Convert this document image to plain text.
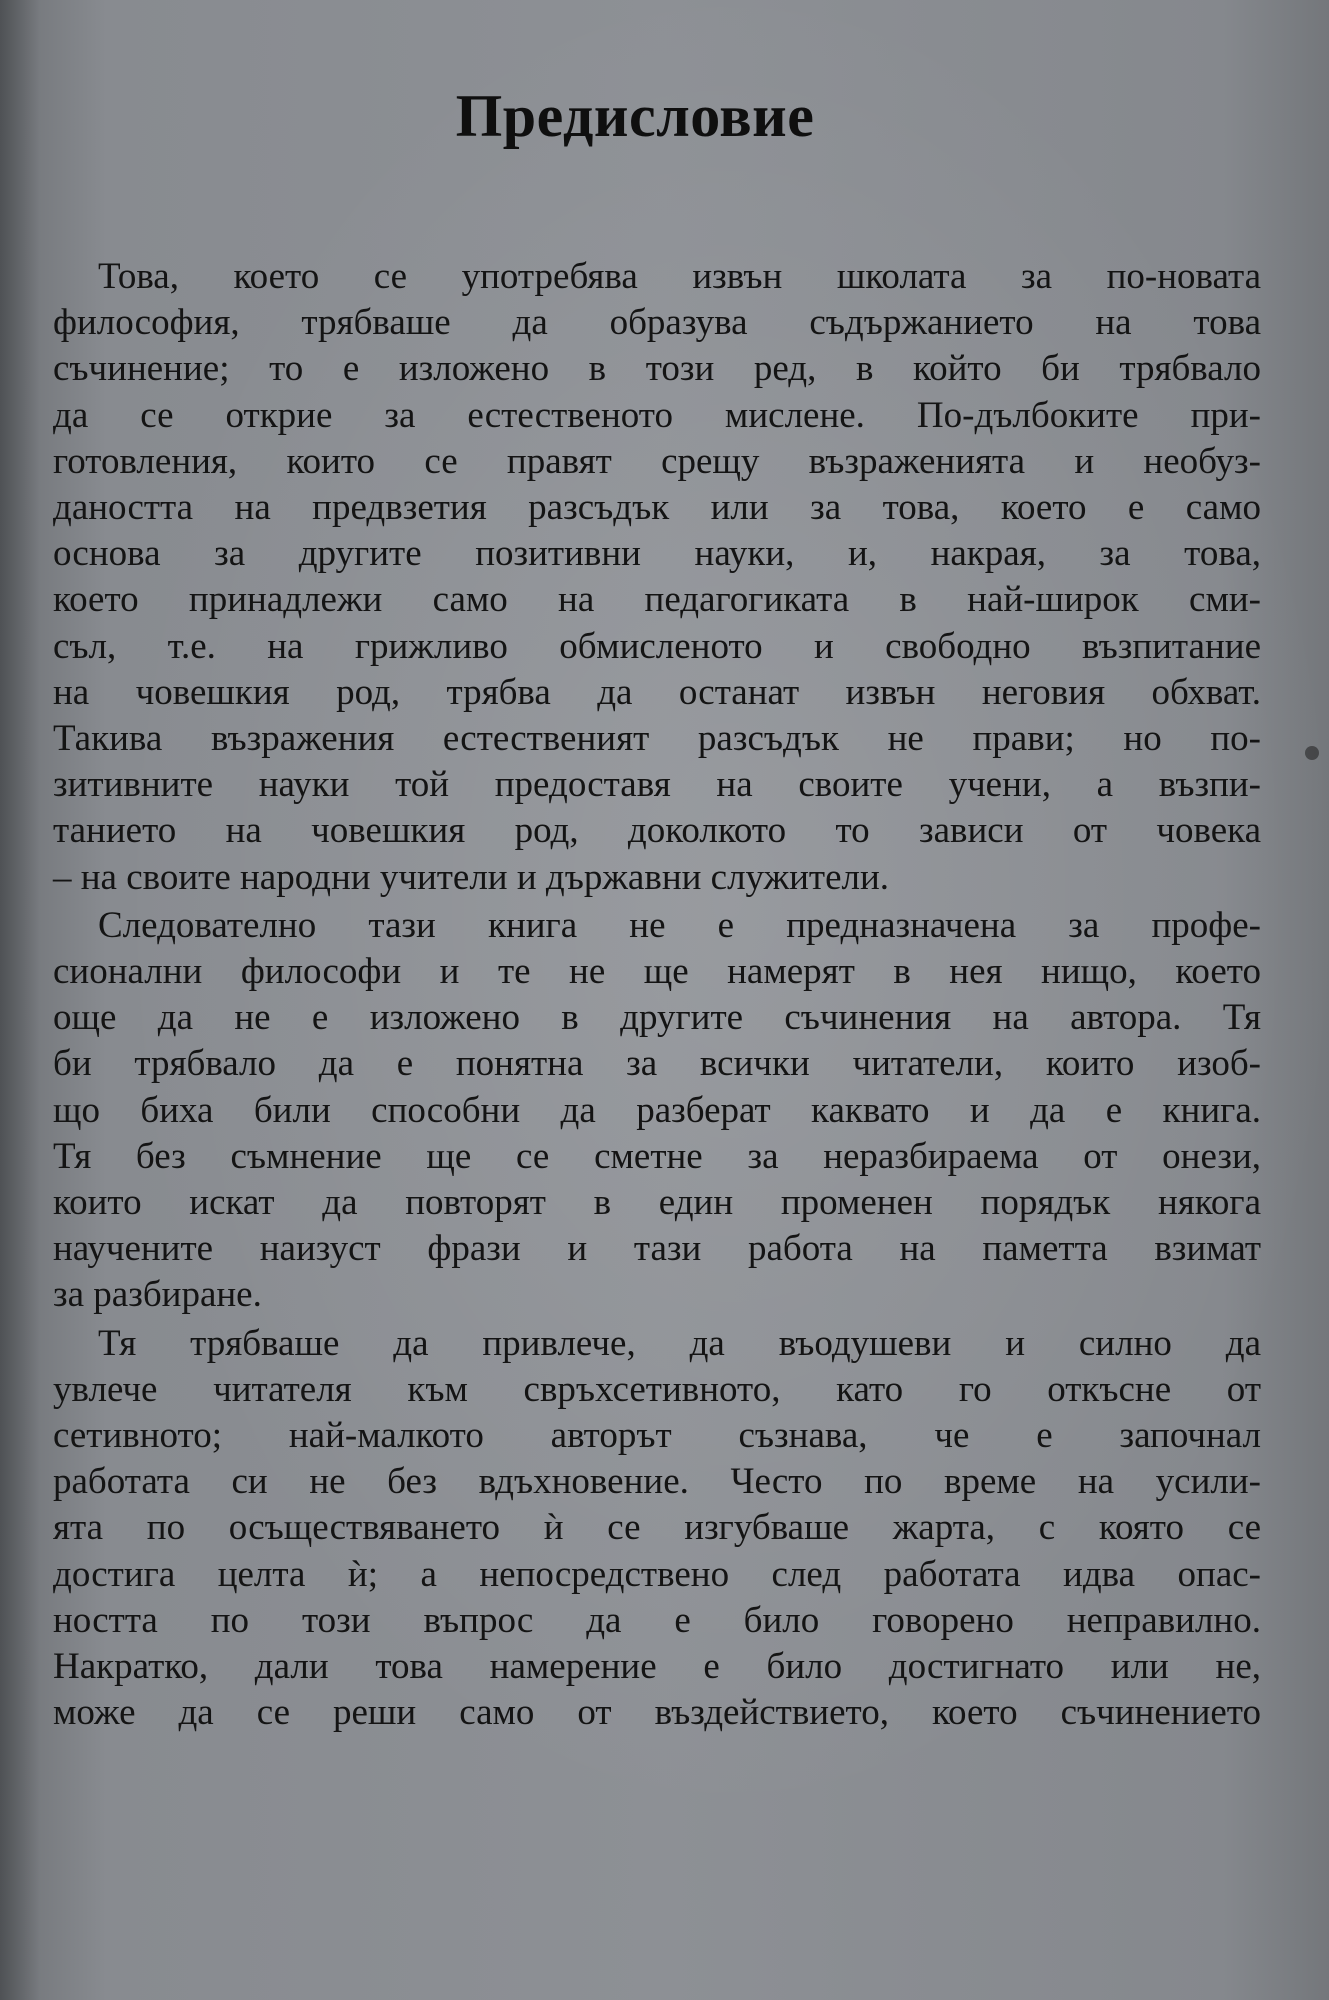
Предисловие

Това, което се употребява извън школата за по-новата
философия, трябваше да образува съдържанието на това
съчинение; то е изложено в този ред, в който би трябвало
да се открие за естественото мислене. По-дълбоките при-
готовления, които се правят срещу възраженията и необуз-
даността на предвзетия разсъдък или за това, което е само
основа за другите позитивни науки, и, накрая, за това,
което принадлежи само на педагогиката в най-широк сми-
съл, т.е. на грижливо обмисленото и свободно възпитание
на човешкия род, трябва да останат извън неговия обхват.
Такива възражения естественият разсъдък не прави; но по-
зитивните науки той предоставя на своите учени, а възпи-
танието на човешкия род, доколкото то зависи от човека
– на своите народни учители и държавни служители.

Следователно тази книга не е предназначена за профе-
сионални философи и те не ще намерят в нея нищо, което
още да не е изложено в другите съчинения на автора. Тя
би трябвало да е понятна за всички читатели, които изоб-
що биха били способни да разберат каквато и да е книга.
Тя без съмнение ще се сметне за неразбираема от онези,
които искат да повторят в един променен порядък някога
научените наизуст фрази и тази работа на паметта взимат
за разбиране.

Тя трябваше да привлече, да въодушеви и силно да
увлече читателя към свръхсетивното, като го откъсне от
сетивното; най-малкото авторът съзнава, че е започнал
работата си не без вдъхновение. Често по време на усили-
ята по осъществяването ѝ се изгубваше жарта, с която се
достига целта ѝ; а непосредствено след работата идва опас-
ността по този въпрос да е било говорено неправилно.
Накратко, дали това намерение е било достигнато или не,
може да се реши само от въздействието, което съчинението
